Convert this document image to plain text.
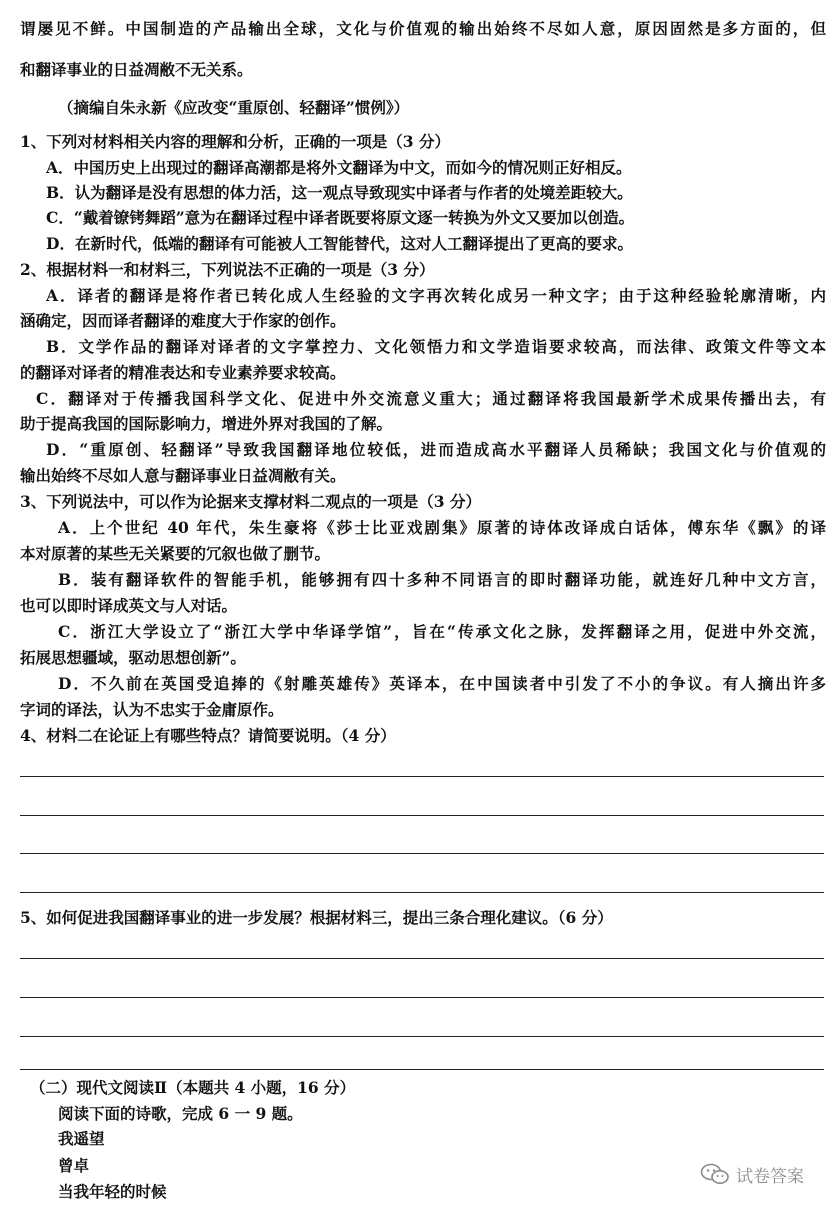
谓屡见不鲜。中国制造的产品输出全球，文化与价值观的输出始终不尽如人意，原因固然是多方面的，但
和翻译事业的日益凋敝不无关系。
（摘编自朱永新《应改变“重原创、轻翻译”惯例》）
1、下列对材料相关内容的理解和分析，正确的一项是（3 分）
A．中国历史上出现过的翻译高潮都是将外文翻译为中文，而如今的情况则正好相反。
B．认为翻译是没有思想的体力活，这一观点导致现实中译者与作者的处境差距较大。
C．“戴着镣铐舞蹈”意为在翻译过程中译者既要将原文逐一转换为外文又要加以创造。
D．在新时代，低端的翻译有可能被人工智能替代，这对人工翻译提出了更高的要求。
2、根据材料一和材料三，下列说法不正确的一项是（3 分）
A．译者的翻译是将作者已转化成人生经验的文字再次转化成另一种文字；由于这种经验轮廓清晰，内
涵确定，因而译者翻译的难度大于作家的创作。
B．文学作品的翻译对译者的文字掌控力、文化领悟力和文学造诣要求较高，而法律、政策文件等文本
的翻译对译者的精准表达和专业素养要求较高。
C．翻译对于传播我国科学文化、促进中外交流意义重大；通过翻译将我国最新学术成果传播出去，有
助于提高我国的国际影响力，增进外界对我国的了解。
D．“重原创、轻翻译”导致我国翻译地位较低，进而造成高水平翻译人员稀缺；我国文化与价值观的
输出始终不尽如人意与翻译事业日益凋敝有关。
3、下列说法中，可以作为论据来支撑材料二观点的一项是（3 分）
A．上个世纪 40 年代，朱生豪将《莎士比亚戏剧集》原著的诗体改译成白话体，傅东华《飘》的译
本对原著的某些无关紧要的冗叙也做了删节。
B．装有翻译软件的智能手机，能够拥有四十多种不同语言的即时翻译功能，就连好几种中文方言，
也可以即时译成英文与人对话。
C．浙江大学设立了“浙江大学中华译学馆”，旨在“传承文化之脉，发挥翻译之用，促进中外交流，
拓展思想疆域，驱动思想创新”。
D．不久前在英国受追捧的《射雕英雄传》英译本，在中国读者中引发了不小的争议。有人摘出许多
字词的译法，认为不忠实于金庸原作。
4、材料二在论证上有哪些特点？请简要说明。（4 分）
5、如何促进我国翻译事业的进一步发展？根据材料三，提出三条合理化建议。（6 分）
（二）现代文阅读Ⅱ（本题共 4 小题，16 分）
阅读下面的诗歌，完成 6 一 9 题。
我遥望
曾卓
当我年轻的时候
试卷答案
